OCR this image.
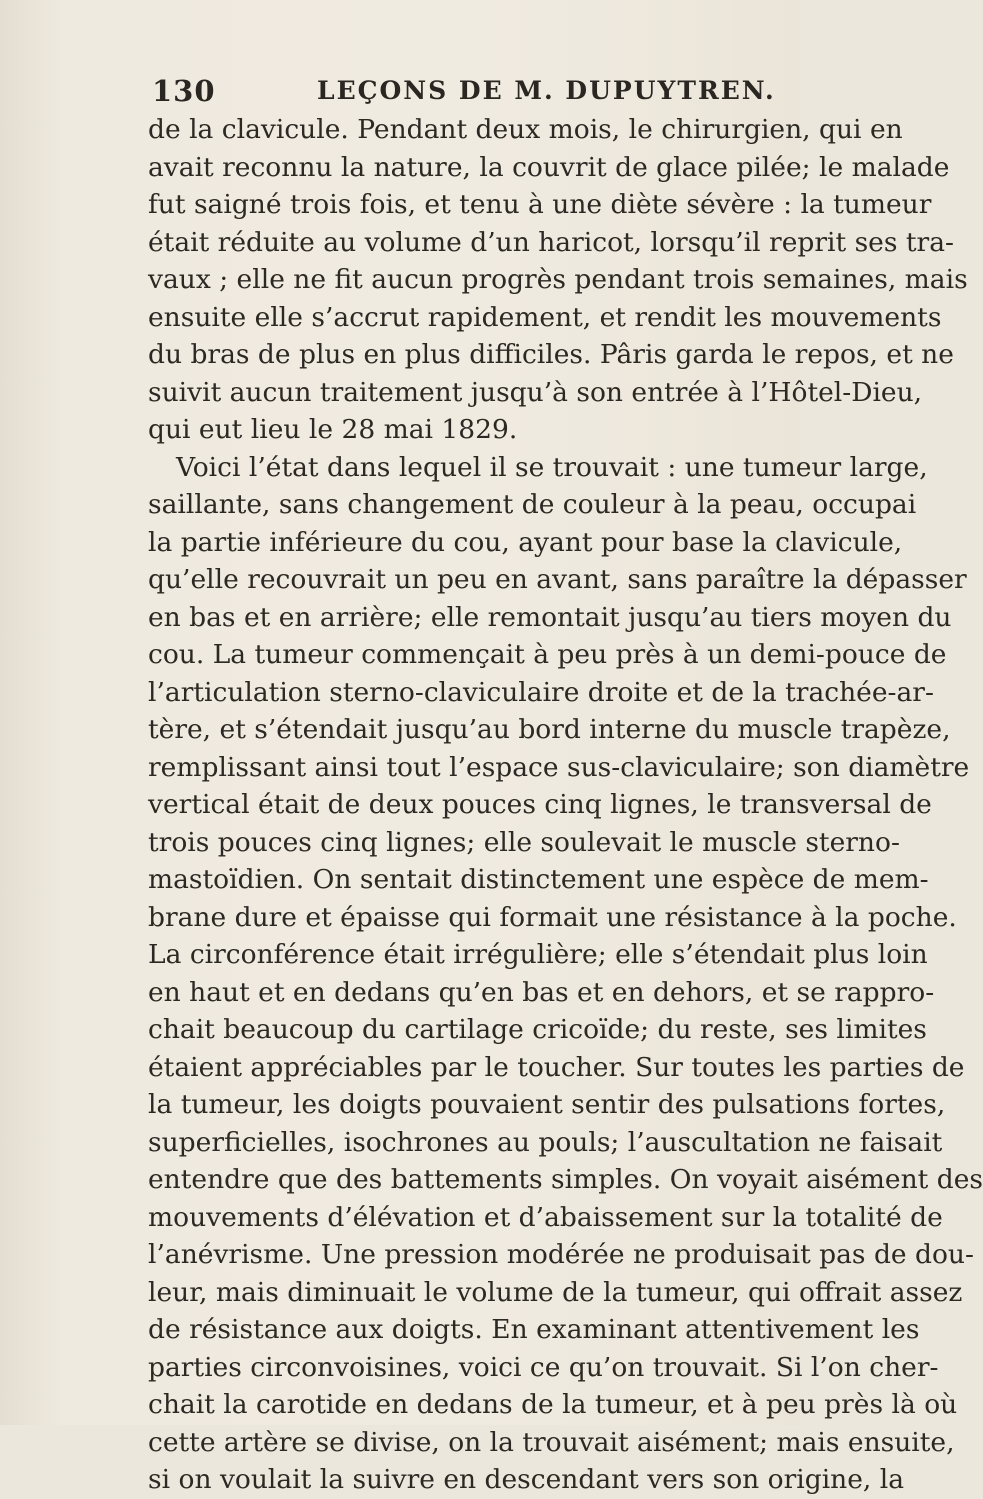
130	LEÇONS DE M. DUPUYTREN.
de la clavicule. Pendant deux mois, le chirurgien, qui en
avait reconnu la nature, la couvrit de glace pilée; le malade
fut saigné trois fois, et tenu à une diète sévère : la tumeur
était réduite au volume d’un haricot, lorsqu’il reprit ses tra-
vaux ; elle ne fit aucun progrès pendant trois semaines, mais
ensuite elle s’accrut rapidement, et rendit les mouvements
du bras de plus en plus difficiles. Pâris garda le repos, et ne
suivit aucun traitement jusqu’à son entrée à l’Hôtel-Dieu,
qui eut lieu le 28 mai 1829.
Voici l’état dans lequel il se trouvait : une tumeur large,
saillante, sans changement de couleur à la peau, occupai
la partie inférieure du cou, ayant pour base la clavicule,
qu’elle recouvrait un peu en avant, sans paraître la dépasser
en bas et en arrière; elle remontait jusqu’au tiers moyen du
cou. La tumeur commençait à peu près à un demi-pouce de
l’articulation sterno-claviculaire droite et de la trachée-ar-
tère, et s’étendait jusqu’au bord interne du muscle trapèze,
remplissant ainsi tout l’espace sus-claviculaire; son diamètre
vertical était de deux pouces cinq lignes, le transversal de
trois pouces cinq lignes; elle soulevait le muscle sterno-
mastoïdien. On sentait distinctement une espèce de mem-
brane dure et épaisse qui formait une résistance à la poche.
La circonférence était irrégulière; elle s’étendait plus loin
en haut et en dedans qu’en bas et en dehors, et se rappro-
chait beaucoup du cartilage cricoïde; du reste, ses limites
étaient appréciables par le toucher. Sur toutes les parties de
la tumeur, les doigts pouvaient sentir des pulsations fortes,
superficielles, isochrones au pouls; l’auscultation ne faisait
entendre que des battements simples. On voyait aisément des
mouvements d’élévation et d’abaissement sur la totalité de
l’anévrisme. Une pression modérée ne produisait pas de dou-
leur, mais diminuait le volume de la tumeur, qui offrait assez
de résistance aux doigts. En examinant attentivement les
parties circonvoisines, voici ce qu’on trouvait. Si l’on cher-
chait la carotide en dedans de la tumeur, et à peu près là où
cette artère se divise, on la trouvait aisément; mais ensuite,
si on voulait la suivre en descendant vers son origine, la
